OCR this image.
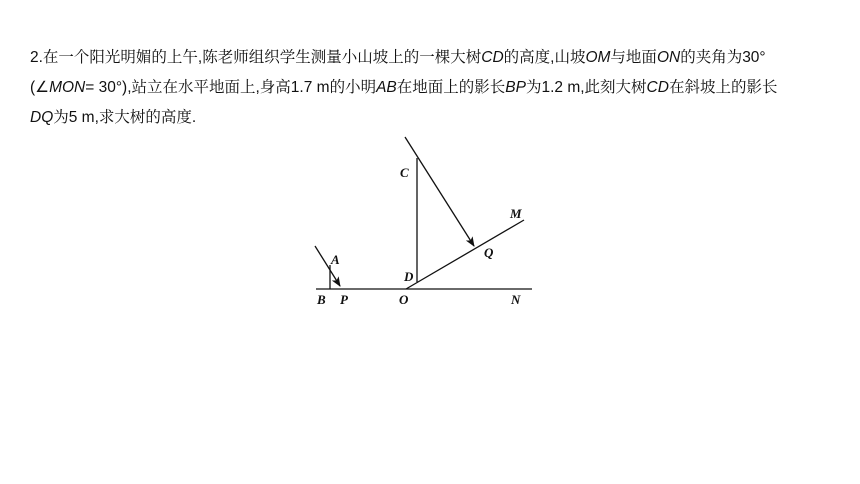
2.在一个阳光明媚的上午,陈老师组织学生测量小山坡上的一棵大树CD的高度,山坡OM与地面ON的夹角为30°
(∠MON= 30°),站立在水平地面上,身高1.7 m的小明AB在地面上的影长BP为1.2 m,此刻大树CD在斜坡上的影长
DQ为5 m,求大树的高度.
A
B P
C
D
O	N
M
Q
